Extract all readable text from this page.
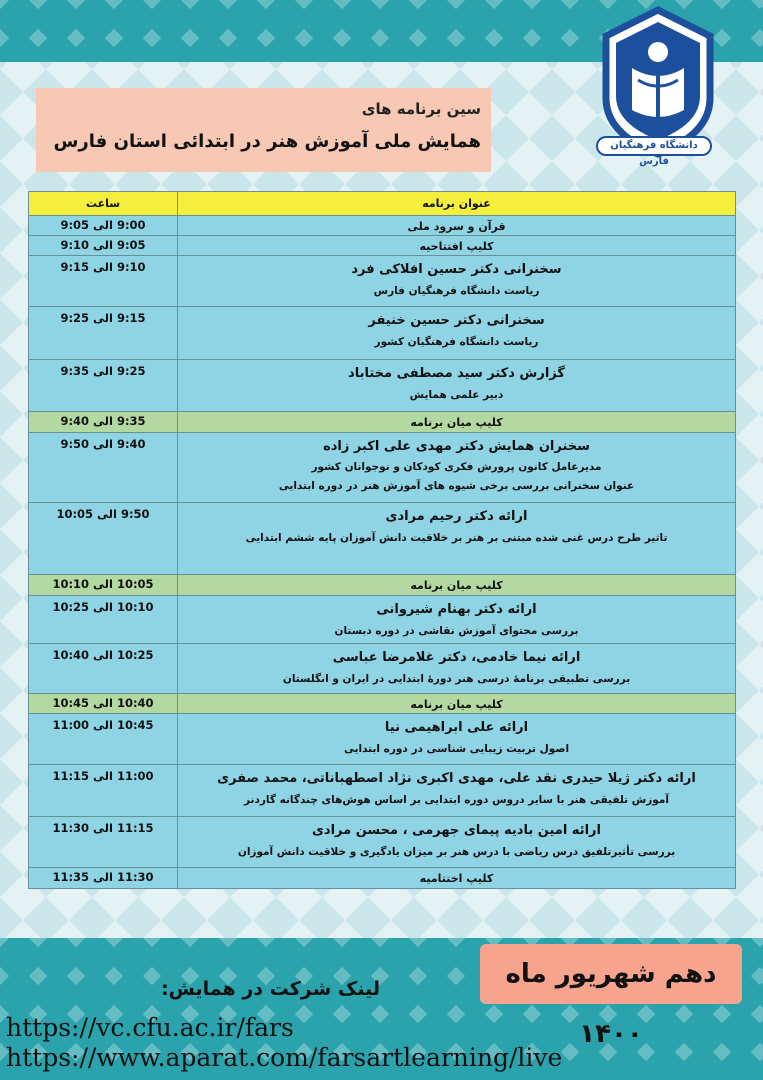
دانشگاه فرهنگیان فارس
سین برنامه های
همایش ملی آموزش هنر در ابتدائی استان فارس
ساعت	عنوان برنامه
9:00 الی 9:05	قرآن و سرود ملی

9:05 الی 9:10	کلیپ افتتاحیه

9:10 الی 9:15	سخنرانی دکتر حسین افلاکی فرد
ریاست دانشگاه فرهنگیان فارس

9:15 الی 9:25	سخنرانی دکتر حسین خنیفر
ریاست دانشگاه فرهنگیان کشور

9:25 الی 9:35	گزارش دکتر سید مصطفی مختاباد
دبیر علمی همایش

9:35 الی 9:40	کلیپ میان برنامه

9:40 الی 9:50	سخنران همایش دکتر مهدی علی اکبر زاده
مدیرعامل کانون پرورش فکری کودکان و نوجوانان کشور
عنوان سخنرانی بررسی برخی شیوه های آموزش هنر در دوره ابتدایی

9:50 الی 10:05	ارائه دکتر رحیم مرادی
تاثیر طرح درس غنی شده مبتنی بر هنر بر خلاقیت دانش آموزان پایه ششم ابتدایی

10:05 الی 10:10	کلیپ میان برنامه

10:10 الی 10:25	ارائه دکتر بهنام شیروانی
بررسی محتوای آموزش نقاشی در دوره دبستان

10:25 الی 10:40	ارائه نیما خادمی، دکتر غلامرضا عباسی
بررسی تطبیقی برنامهٔ درسی هنر دورهٔ ابتدایی در ایران و انگلستان

10:40 الی 10:45	کلیپ میان برنامه

10:45 الی 11:00	ارائه علی ابراهیمی نیا
اصول تربیت زیبایی شناسی در دوره ابتدایی

11:00 الی 11:15	ارائه دکتر ژیلا حیدری نقد علی، مهدی اکبری نژاد اصطهباناتی، محمد صفری
آموزش تلفیقی هنر با سایر دروس دوره ابتدایی بر اساس هوش‌های چندگانه گاردنر

11:15 الی 11:30	ارائه امین بادیه پیمای جهرمی ، محسن مرادی
بررسی تأثیرتلفیق درس ریاضی با درس هنر بر میزان یادگیری و خلاقیت دانش آموزان

11:30 الی 11:35	کلیپ اختتامیه
دهم شهریور ماه ۱۴۰۰
لینک شرکت در همایش:
https://vc.cfu.ac.ir/fars
https://www.aparat.com/farsartlearning/live
